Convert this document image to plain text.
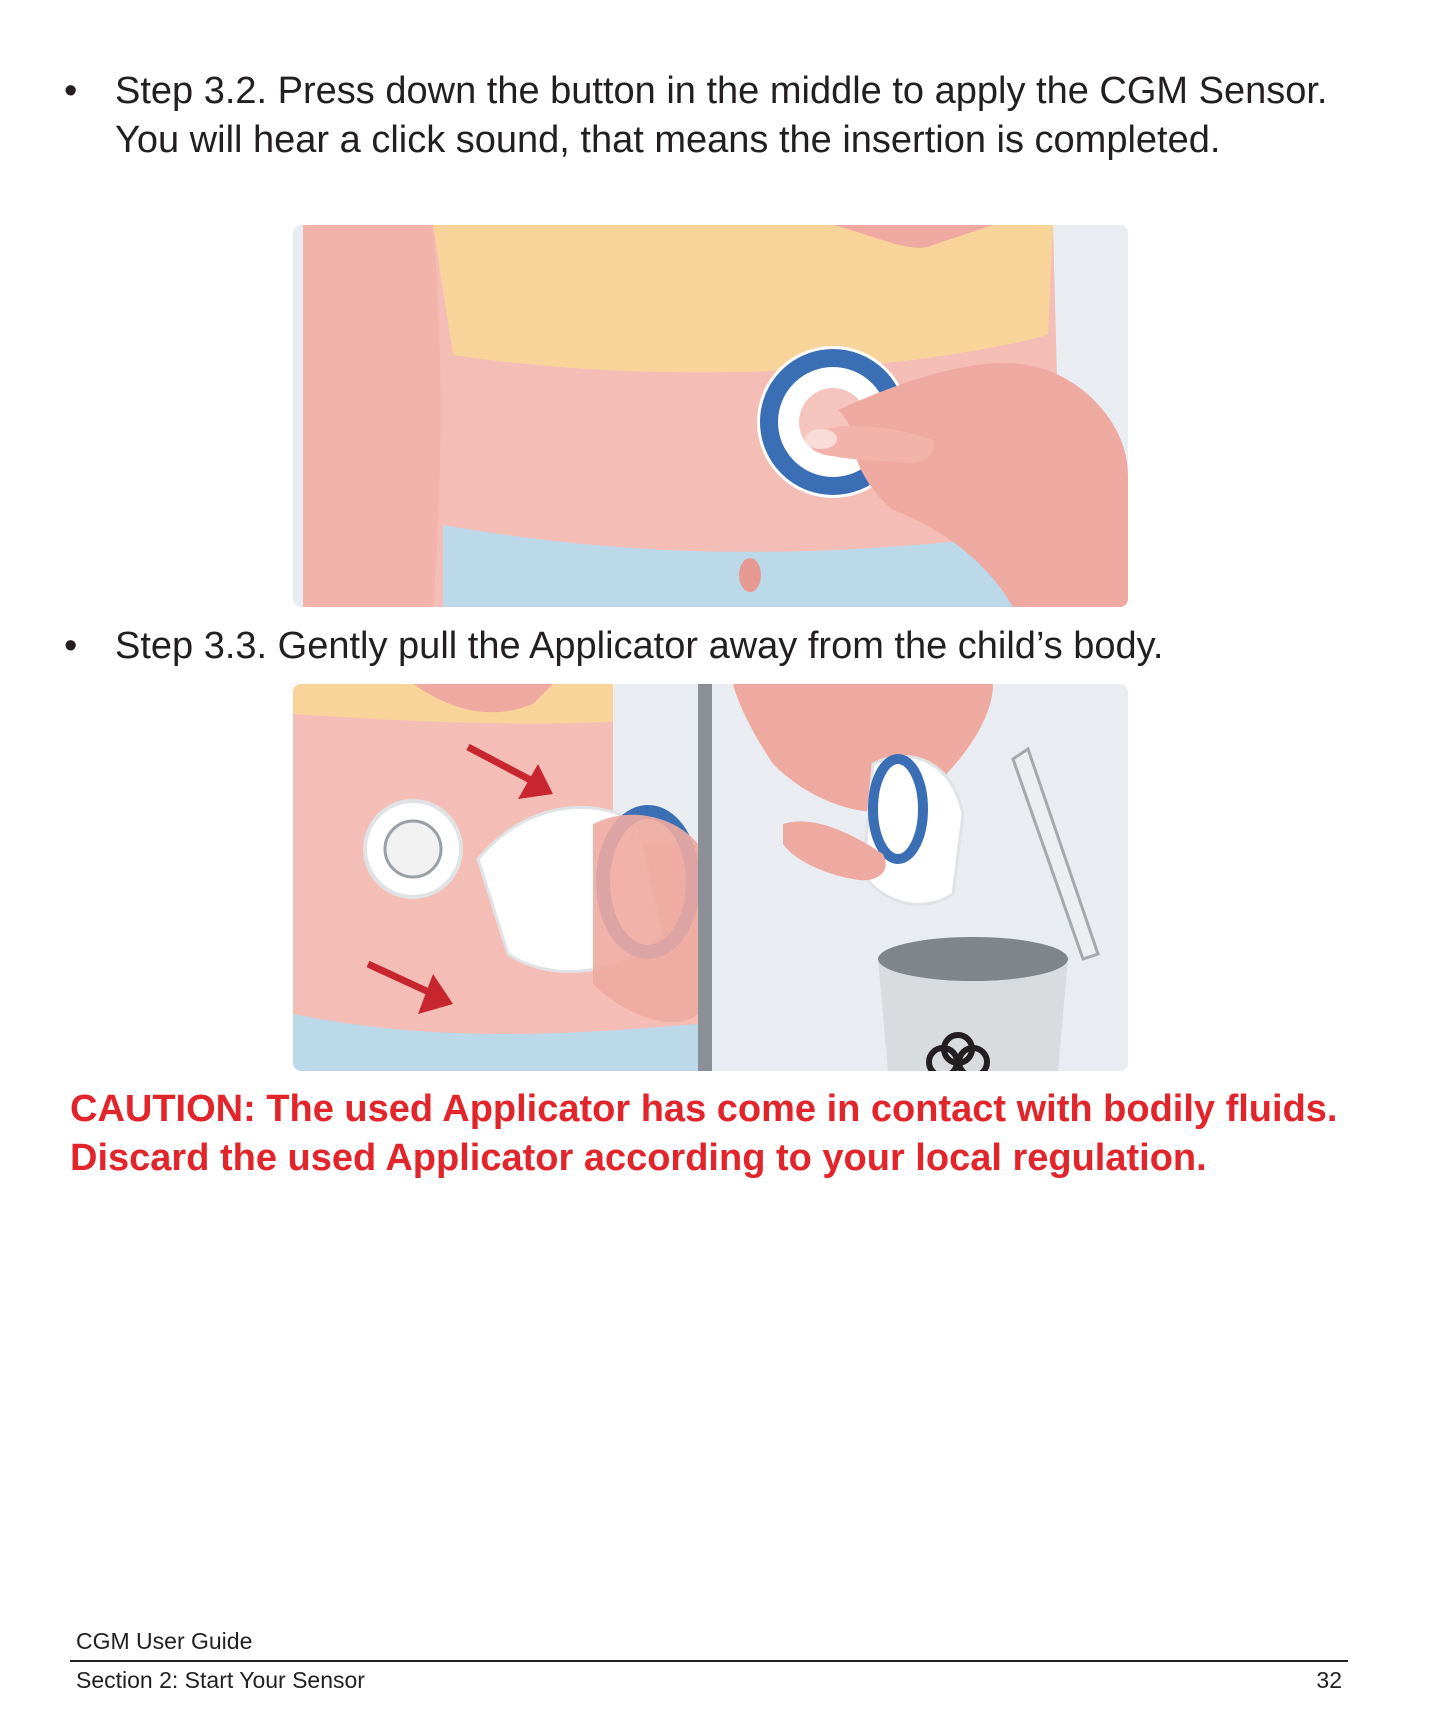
• Step 3.2. Press down the button in the middle to apply the CGM Sensor. You will hear a click sound, that means the insertion is completed.

• Step 3.3. Gently pull the Applicator away from the child’s body.

CAUTION: The used Applicator has come in contact with bodily fluids. Discard the used Applicator according to your local regulation.

CGM User Guide
Section 2: Start Your Sensor	32
